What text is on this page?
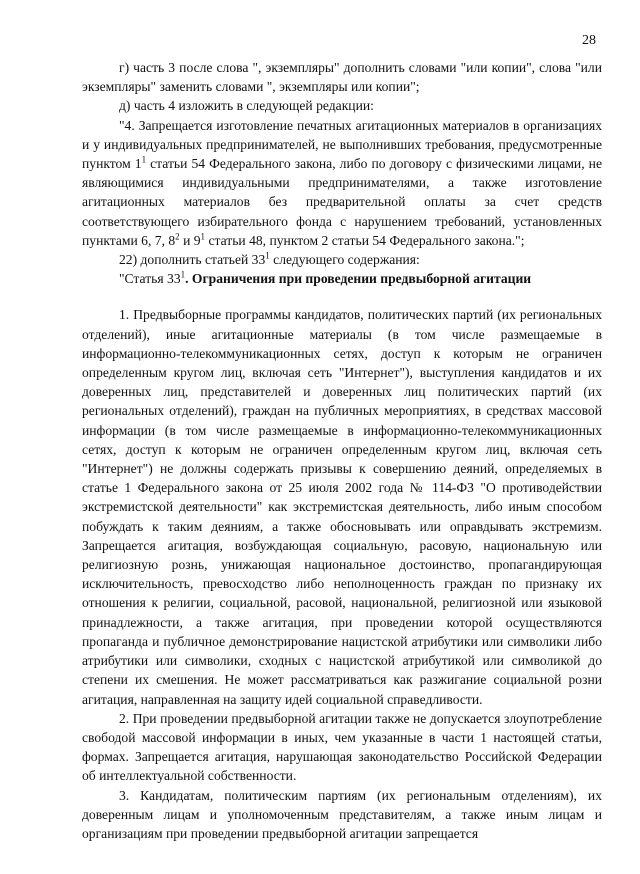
28

г) часть 3 после слова ", экземпляры" дополнить словами "или копии", слова "или экземпляры" заменить словами ", экземпляры или копии";

д) часть 4 изложить в следующей редакции:

"4. Запрещается изготовление печатных агитационных материалов в организациях и у индивидуальных предпринимателей, не выполнивших требования, предусмотренные пунктом $1^1$ статьи 54 Федерального закона, либо по договору с физическими лицами, не являющимися индивидуальными предпринимателями, а также изготовление агитационных материалов без предварительной оплаты за счет средств соответствующего избирательного фонда с нарушением требований, установленных пунктами 6, 7, $8^2$ и $9^1$ статьи 48, пунктом 2 статьи 54 Федерального закона.";

22) дополнить статьей $33^1$ следующего содержания:

"Статья $33^1$. Ограничения при проведении предвыборной агитации

1. Предвыборные программы кандидатов, политических партий (их региональных отделений), иные агитационные материалы (в том числе размещаемые в информационно-телекоммуникационных сетях, доступ к которым не ограничен определенным кругом лиц, включая сеть "Интернет"), выступления кандидатов и их доверенных лиц, представителей и доверенных лиц политических партий (их региональных отделений), граждан на публичных мероприятиях, в средствах массовой информации (в том числе размещаемые в информационно-телекоммуникационных сетях, доступ к которым не ограничен определенным кругом лиц, включая сеть "Интернет") не должны содержать призывы к совершению деяний, определяемых в статье 1 Федерального закона от 25 июля 2002 года № 114-ФЗ "О противодействии экстремистской деятельности" как экстремистская деятельность, либо иным способом побуждать к таким деяниям, а также обосновывать или оправдывать экстремизм. Запрещается агитация, возбуждающая социальную, расовую, национальную или религиозную рознь, унижающая национальное достоинство, пропагандирующая исключительность, превосходство либо неполноценность граждан по признаку их отношения к религии, социальной, расовой, национальной, религиозной или языковой принадлежности, а также агитация, при проведении которой осуществляются пропаганда и публичное демонстрирование нацистской атрибутики или символики либо атрибутики или символики, сходных с нацистской атрибутикой или символикой до степени их смешения. Не может рассматриваться как разжигание социальной розни агитация, направленная на защиту идей социальной справедливости.

2. При проведении предвыборной агитации также не допускается злоупотребление свободой массовой информации в иных, чем указанные в части 1 настоящей статьи, формах. Запрещается агитация, нарушающая законодательство Российской Федерации об интеллектуальной собственности.

3. Кандидатам, политическим партиям (их региональным отделениям), их доверенным лицам и уполномоченным представителям, а также иным лицам и организациям при проведении предвыборной агитации запрещается
